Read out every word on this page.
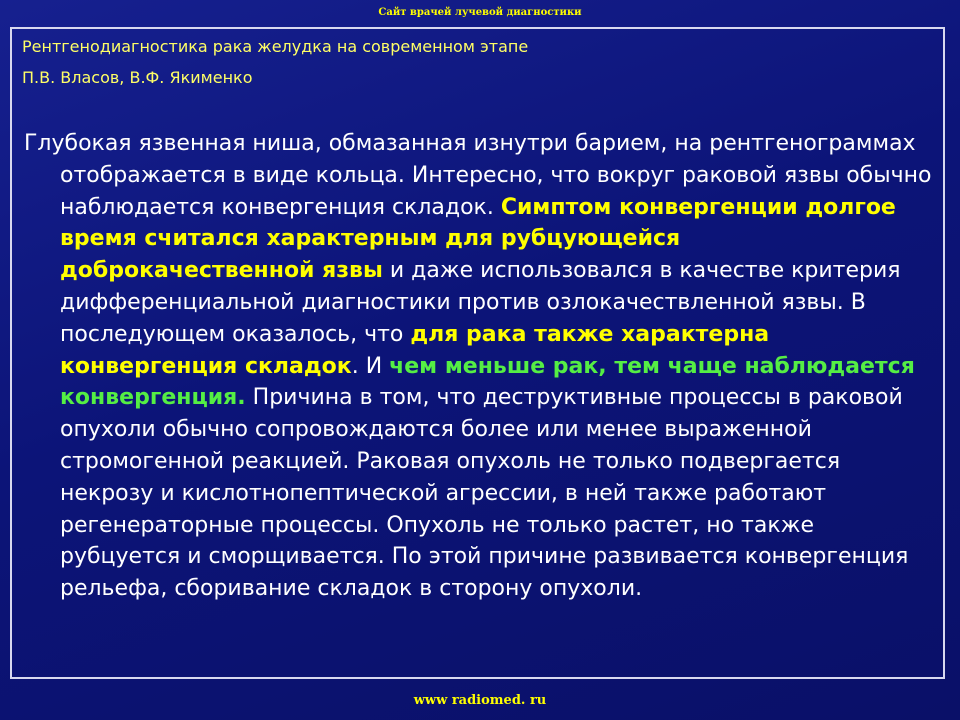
Сайт врачей лучевой диагностики
Рентгенодиагностика рака желудка на современном этапе
П.В. Власов, В.Ф. Якименко

Глубокая язвенная ниша, обмазанная изнутри барием, на рентгенограммах отображается в виде кольца. Интересно, что вокруг раковой язвы обычно наблюдается конвергенция складок. Симптом конвергенции долгое время считался характерным для рубцующейся доброкачественной язвы и даже использовался в качестве критерия дифференциальной диагностики против озлокачествленной язвы. В последующем оказалось, что для рака также характерна конвергенция складок. И чем меньше рак, тем чаще наблюдается конвергенция. Причина в том, что деструктивные процессы в раковой опухоли обычно сопровождаются более или менее выраженной стромогенной реакцией. Раковая опухоль не только подвергается некрозу и кислотнопептической агрессии, в ней также работают регенераторные процессы. Опухоль не только растет, но также рубцуется и сморщивается. По этой причине развивается конвергенция рельефа, сборивание складок в сторону опухоли.

www radiomed. ru
